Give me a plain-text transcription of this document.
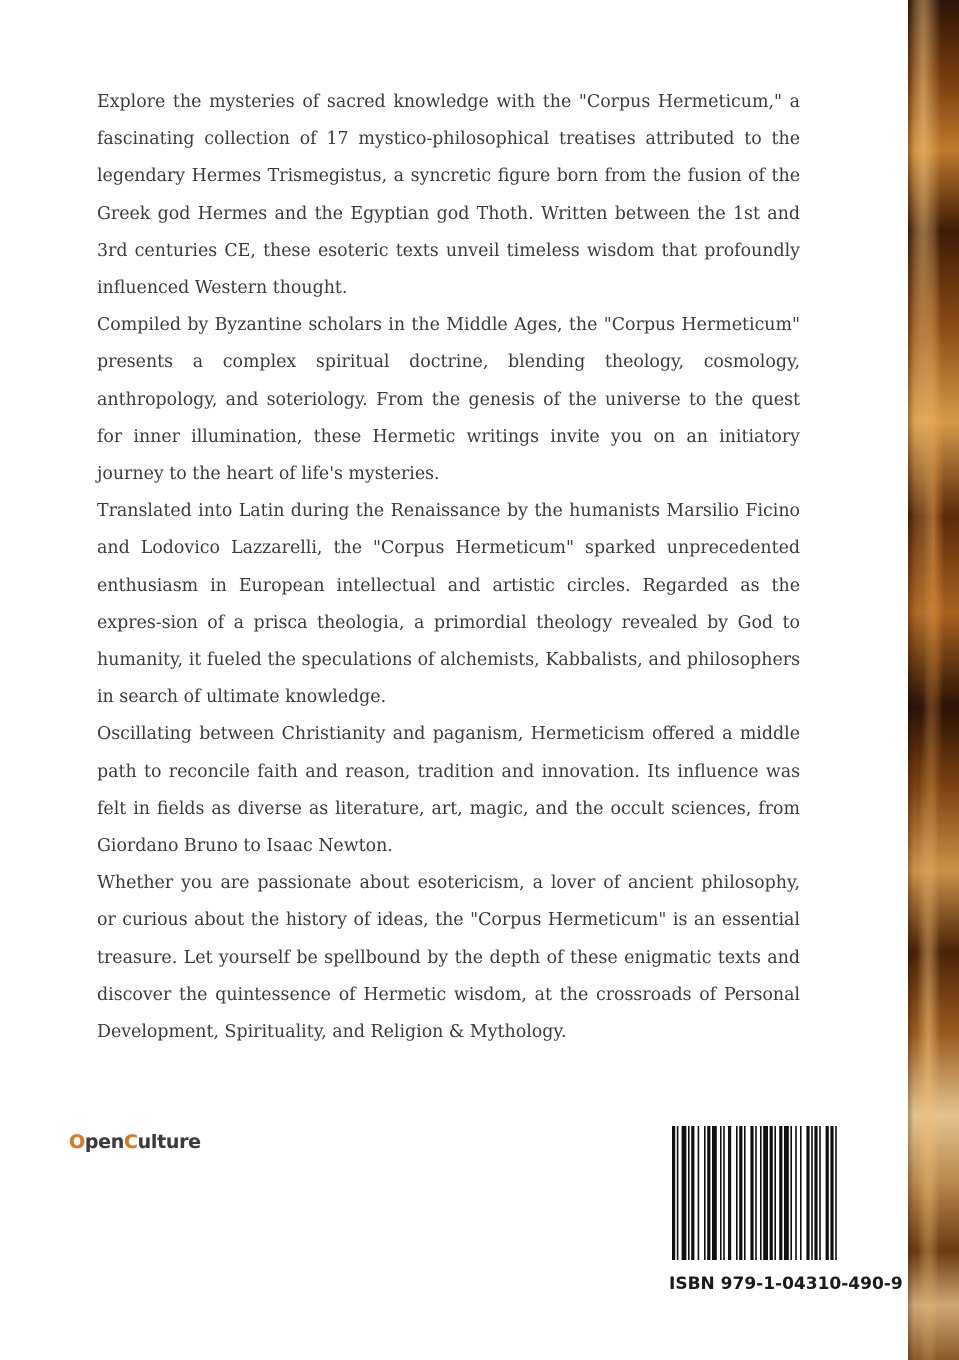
Explore the mysteries of sacred knowledge with the "Corpus Hermeticum," a fascinating collection of 17 mystico-philosophical treatises attributed to the legendary Hermes Trismegistus, a syncretic figure born from the fusion of the Greek god Hermes and the Egyptian god Thoth. Written between the 1st and 3rd centuries CE, these esoteric texts unveil timeless wisdom that profoundly influenced Western thought.

Compiled by Byzantine scholars in the Middle Ages, the "Corpus Hermeticum" presents a complex spiritual doctrine, blending theology, cosmology, anthropology, and soteriology. From the genesis of the universe to the quest for inner illumination, these Hermetic writings invite you on an initiatory journey to the heart of life's mysteries.

Translated into Latin during the Renaissance by the humanists Marsilio Ficino and Lodovico Lazzarelli, the "Corpus Hermeticum" sparked unprecedented enthusiasm in European intellectual and artistic circles. Regarded as the expres-sion of a prisca theologia, a primordial theology revealed by God to humanity, it fueled the speculations of alchemists, Kabbalists, and philosophers in search of ultimate knowledge.

Oscillating between Christianity and paganism, Hermeticism offered a middle path to reconcile faith and reason, tradition and innovation. Its influence was felt in fields as diverse as literature, art, magic, and the occult sciences, from Giordano Bruno to Isaac Newton.

Whether you are passionate about esotericism, a lover of ancient philosophy, or curious about the history of ideas, the "Corpus Hermeticum" is an essential treasure. Let yourself be spellbound by the depth of these enigmatic texts and discover the quintessence of Hermetic wisdom, at the crossroads of Personal Development, Spirituality, and Religion & Mythology.

OpenCulture
ISBN 979-1-04310-490-9
